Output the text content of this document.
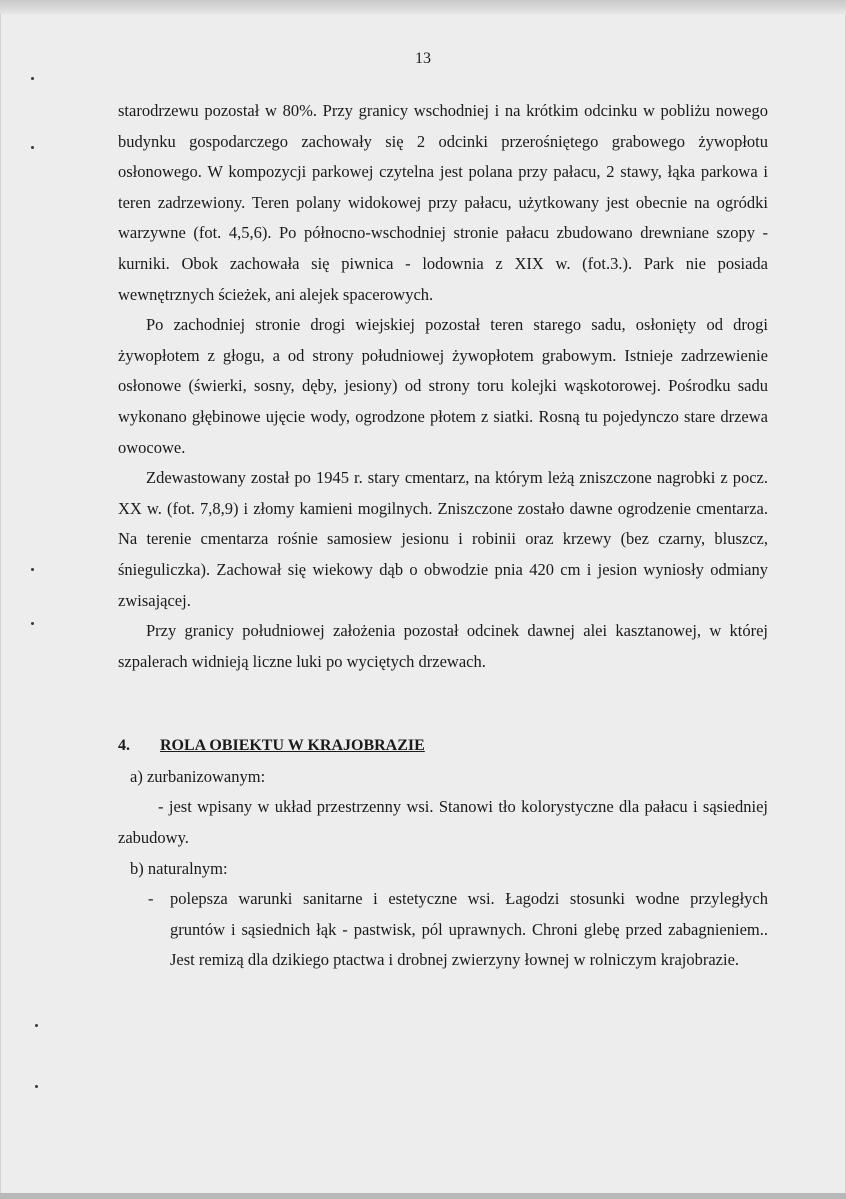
13

starodrzewu pozostał w 80%. Przy granicy wschodniej i na krótkim odcinku w pobliżu nowego budynku gospodarczego zachowały się 2 odcinki przerośniętego grabowego żywopłotu osłonowego. W kompozycji parkowej czytelna jest polana przy pałacu, 2 stawy, łąka parkowa i teren zadrzewiony. Teren polany widokowej przy pałacu, użytkowany jest obecnie na ogródki warzywne (fot. 4,5,6). Po północno-wschodniej stronie pałacu zbudowano drewniane szopy - kurniki. Obok zachowała się piwnica - lodownia z XIX w. (fot.3.). Park nie posiada wewnętrznych ścieżek, ani alejek spacerowych.

Po zachodniej stronie drogi wiejskiej pozostał teren starego sadu, osłonięty od drogi żywopłotem z głogu, a od strony południowej żywopłotem grabowym. Istnieje zadrzewienie osłonowe (świerki, sosny, dęby, jesiony) od strony toru kolejki wąskotorowej. Pośrodku sadu wykonano głębinowe ujęcie wody, ogrodzone płotem z siatki. Rosną tu pojedynczo stare drzewa owocowe.

Zdewastowany został po 1945 r. stary cmentarz, na którym leżą zniszczone nagrobki z pocz. XX w. (fot. 7,8,9) i złomy kamieni mogilnych. Zniszczone zostało dawne ogrodzenie cmentarza. Na terenie cmentarza rośnie samosiew jesionu i robinii oraz krzewy (bez czarny, bluszcz, śnieguliczka). Zachował się wiekowy dąb o obwodzie pnia 420 cm i jesion wyniosły odmiany zwisającej.

Przy granicy południowej założenia pozostał odcinek dawnej alei kasztanowej, w której szpalerach widnieją liczne luki po wyciętych drzewach.

4.	ROLA OBIEKTU W KRAJOBRAZIE

a) zurbanizowanym:

- jest wpisany w układ przestrzenny wsi. Stanowi tło kolorystyczne dla pałacu i sąsiedniej zabudowy.

b) naturalnym:

-	polepsza warunki sanitarne i estetyczne wsi. Łagodzi stosunki wodne przyległych gruntów i sąsiednich łąk - pastwisk, pól uprawnych. Chroni glebę przed zabagnieniem.. Jest remizą dla dzikiego ptactwa i drobnej zwierzyny łownej w rolniczym krajobrazie.
